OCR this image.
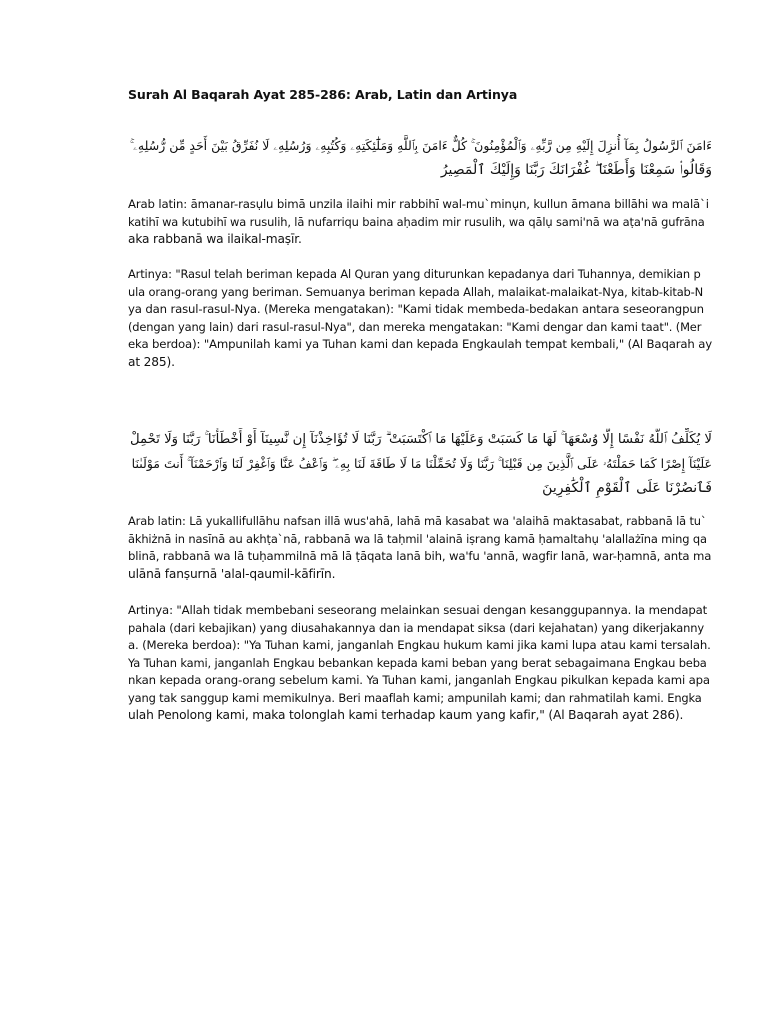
Surah Al Baqarah Ayat 285-286: Arab, Latin dan Artinya
ءَامَنَ ٱلرَّسُولُ بِمَآ أُنزِلَ إِلَيْهِ مِن رَّبِّهِۦ وَٱلْمُؤْمِنُونَ ۚ كُلٌّ ءَامَنَ بِٱللَّهِ وَمَلَٰٓئِكَتِهِۦ وَكُتُبِهِۦ وَرُسُلِهِۦ لَا نُفَرِّقُ بَيْنَ أَحَدٍ مِّن رُّسُلِهِۦ ۚ
وَقَالُوا۟ سَمِعْنَا وَأَطَعْنَا ۖ غُفْرَانَكَ رَبَّنَا وَإِلَيْكَ ٱلْمَصِيرُ
Arab latin: āmanar-rasụlu bimā unzila ilaihi mir rabbihī wal-mu`minụn, kullun āmana billāhi wa malā`i
katihī wa kutubihī wa rusulih, lā nufarriqu baina aḥadim mir rusulih, wa qālụ sami'nā wa aṭa'nā gufrāna
aka rabbanā wa ilaikal-maṣīr.
Artinya: "Rasul telah beriman kepada Al Quran yang diturunkan kepadanya dari Tuhannya, demikian p
ula orang-orang yang beriman. Semuanya beriman kepada Allah, malaikat-malaikat-Nya, kitab-kitab-N
ya dan rasul-rasul-Nya. (Mereka mengatakan): "Kami tidak membeda-bedakan antara seseorangpun
(dengan yang lain) dari rasul-rasul-Nya", dan mereka mengatakan: "Kami dengar dan kami taat". (Mer
eka berdoa): "Ampunilah kami ya Tuhan kami dan kepada Engkaulah tempat kembali," (Al Baqarah ay
at 285).
لَا يُكَلِّفُ ٱللَّهُ نَفْسًا إِلَّا وُسْعَهَا ۚ لَهَا مَا كَسَبَتْ وَعَلَيْهَا مَا ٱكْتَسَبَتْ ۗ رَبَّنَا لَا تُؤَاخِذْنَآ إِن نَّسِينَآ أَوْ أَخْطَأْنَا ۚ رَبَّنَا وَلَا تَحْمِلْ
عَلَيْنَآ إِصْرًا كَمَا حَمَلْتَهُۥ عَلَى ٱلَّذِينَ مِن قَبْلِنَا ۚ رَبَّنَا وَلَا تُحَمِّلْنَا مَا لَا طَاقَةَ لَنَا بِهِۦ ۖ وَٱعْفُ عَنَّا وَٱغْفِرْ لَنَا وَٱرْحَمْنَآ ۚ أَنتَ مَوْلَىٰنَا
فَٱنصُرْنَا عَلَى ٱلْقَوْمِ ٱلْكَٰفِرِينَ
Arab latin: Lā yukallifullāhu nafsan illā wus'ahā, lahā mā kasabat wa 'alaihā maktasabat, rabbanā lā tu`
ākhiżnā in nasīnā au akhṭa`nā, rabbanā wa lā taḥmil 'alainā iṣrang kamā ḥamaltahụ 'alallażīna ming qa
blinā, rabbanā wa lā tuḥammilnā mā lā ṭāqata lanā bih, wa'fu 'annā, wagfir lanā, war-ḥamnā, anta ma
ulānā fanṣurnā 'alal-qaumil-kāfirīn.
Artinya: "Allah tidak membebani seseorang melainkan sesuai dengan kesanggupannya. Ia mendapat
pahala (dari kebajikan) yang diusahakannya dan ia mendapat siksa (dari kejahatan) yang dikerjakanny
a. (Mereka berdoa): "Ya Tuhan kami, janganlah Engkau hukum kami jika kami lupa atau kami tersalah.
Ya Tuhan kami, janganlah Engkau bebankan kepada kami beban yang berat sebagaimana Engkau beba
nkan kepada orang-orang sebelum kami. Ya Tuhan kami, janganlah Engkau pikulkan kepada kami apa
yang tak sanggup kami memikulnya. Beri maaflah kami; ampunilah kami; dan rahmatilah kami. Engka
ulah Penolong kami, maka tolonglah kami terhadap kaum yang kafir," (Al Baqarah ayat 286).
